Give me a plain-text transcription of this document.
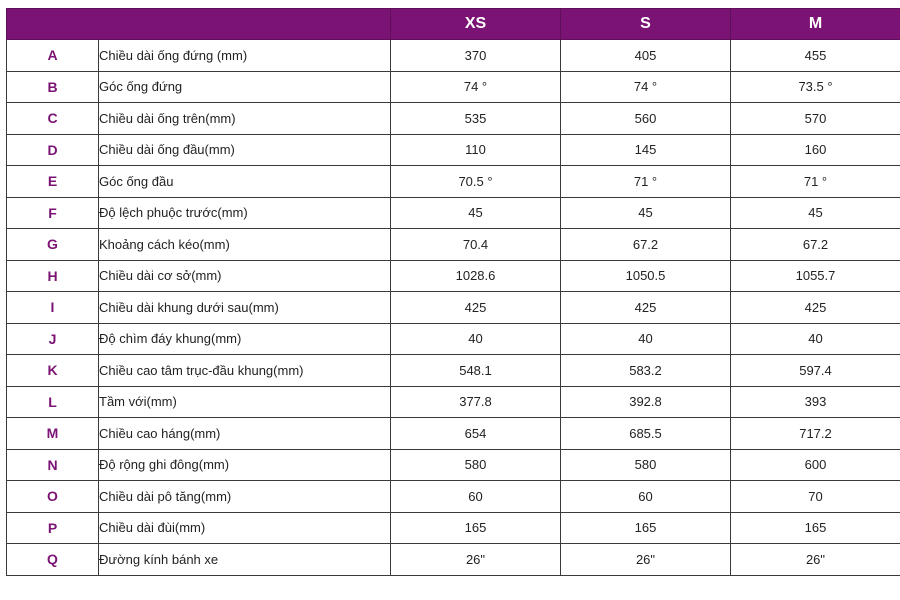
		XS	S	M
A	Chiều dài ống đứng (mm)	370	405	455
B	Góc ống đứng	74 °	74 °	73.5 °
C	Chiều dài ống trên(mm)	535	560	570
D	Chiều dài ống đầu(mm)	110	145	160
E	Góc ống đầu	70.5 °	71 °	71 °
F	Độ lệch phuộc trước(mm)	45	45	45
G	Khoảng cách kéo(mm)	70.4	67.2	67.2
H	Chiều dài cơ sở(mm)	1028.6	1050.5	1055.7
I	Chiều dài khung dưới sau(mm)	425	425	425
J	Độ chìm đáy khung(mm)	40	40	40
K	Chiều cao tâm trục-đầu khung(mm)	548.1	583.2	597.4
L	Tầm với(mm)	377.8	392.8	393
M	Chiều cao háng(mm)	654	685.5	717.2
N	Độ rộng ghi đông(mm)	580	580	600
O	Chiều dài pô tăng(mm)	60	60	70
P	Chiều dài đùi(mm)	165	165	165
Q	Đường kính bánh xe	26"	26"	26"
